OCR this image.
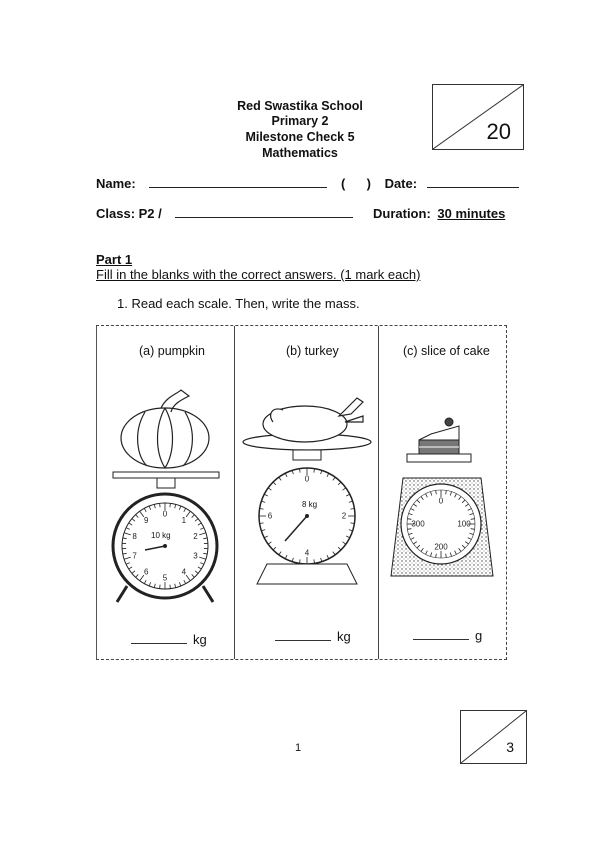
Red Swastika School
Primary 2
Milestone Check 5
Mathematics
20
Name:	( ) Date:
Class: P2 /	Duration: 30 minutes
Part 1
Fill in the blanks with the correct answers. (1 mark each)
1. Read each scale. Then, write the mass.
(a) pumpkin
0
1
2
3
4
5
6
7
8
9
10 kg
kg
(b) turkey
0
2
4
6
8 kg
kg
(c) slice of cake
0
100
200
300
g
1	3
